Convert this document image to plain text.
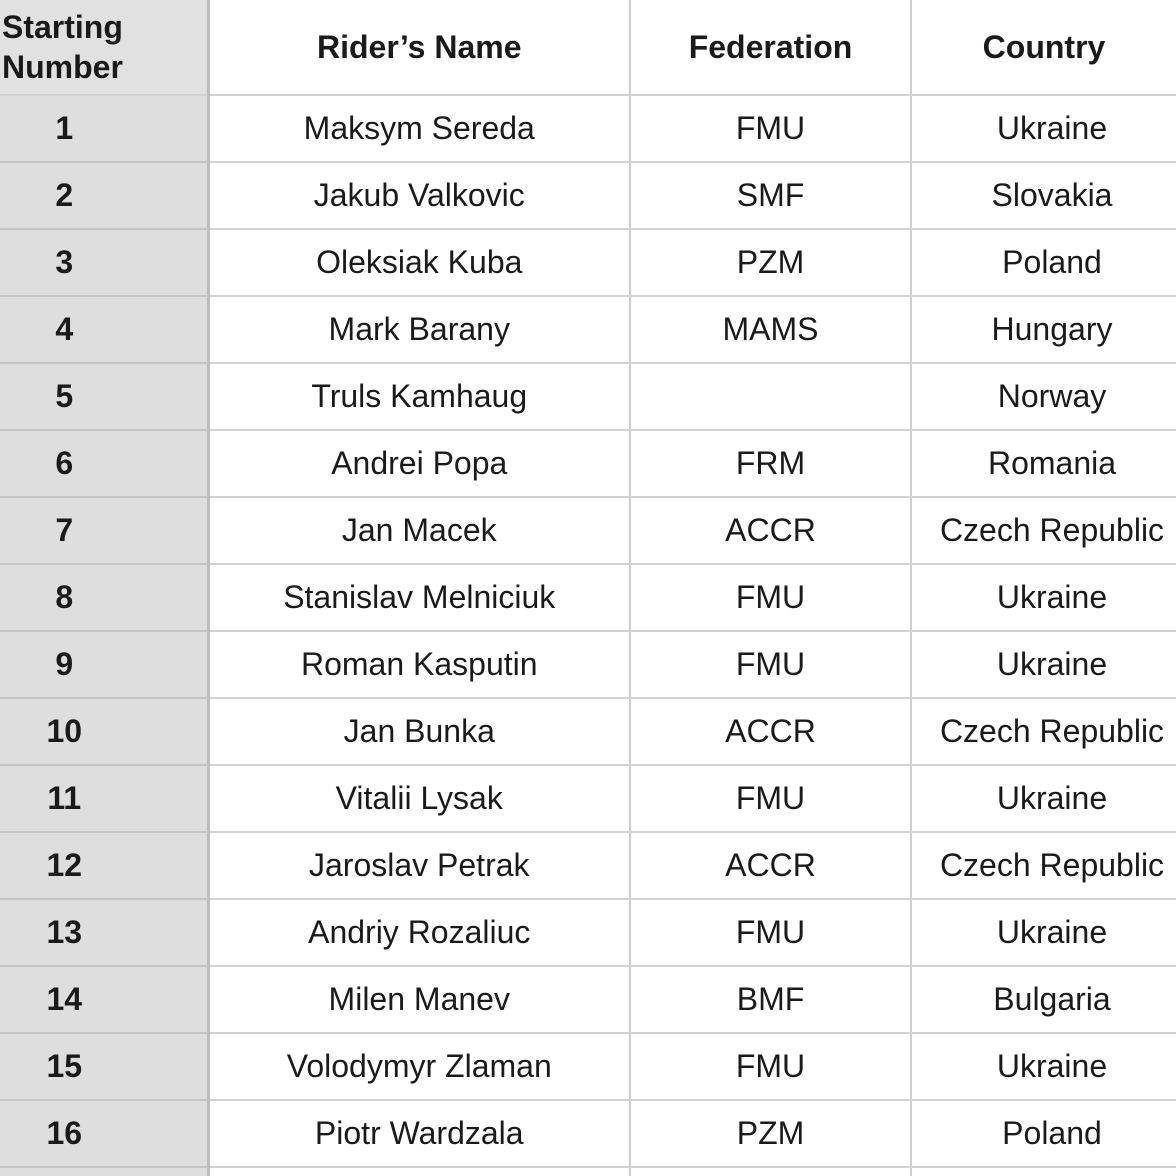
Starting
Number	Rider’s Name	Federation	Country
1	Maksym Sereda	FMU	Ukraine
2	Jakub Valkovic	SMF	Slovakia
3	Oleksiak Kuba	PZM	Poland
4	Mark Barany	MAMS	Hungary
5	Truls Kamhaug		Norway
6	Andrei Popa	FRM	Romania
7	Jan Macek	ACCR	Czech Republic
8	Stanislav Melniciuk	FMU	Ukraine
9	Roman Kasputin	FMU	Ukraine
10	Jan Bunka	ACCR	Czech Republic
11	Vitalii Lysak	FMU	Ukraine
12	Jaroslav Petrak	ACCR	Czech Republic
13	Andriy Rozaliuc	FMU	Ukraine
14	Milen Manev	BMF	Bulgaria
15	Volodymyr Zlaman	FMU	Ukraine
16	Piotr Wardzala	PZM	Poland
